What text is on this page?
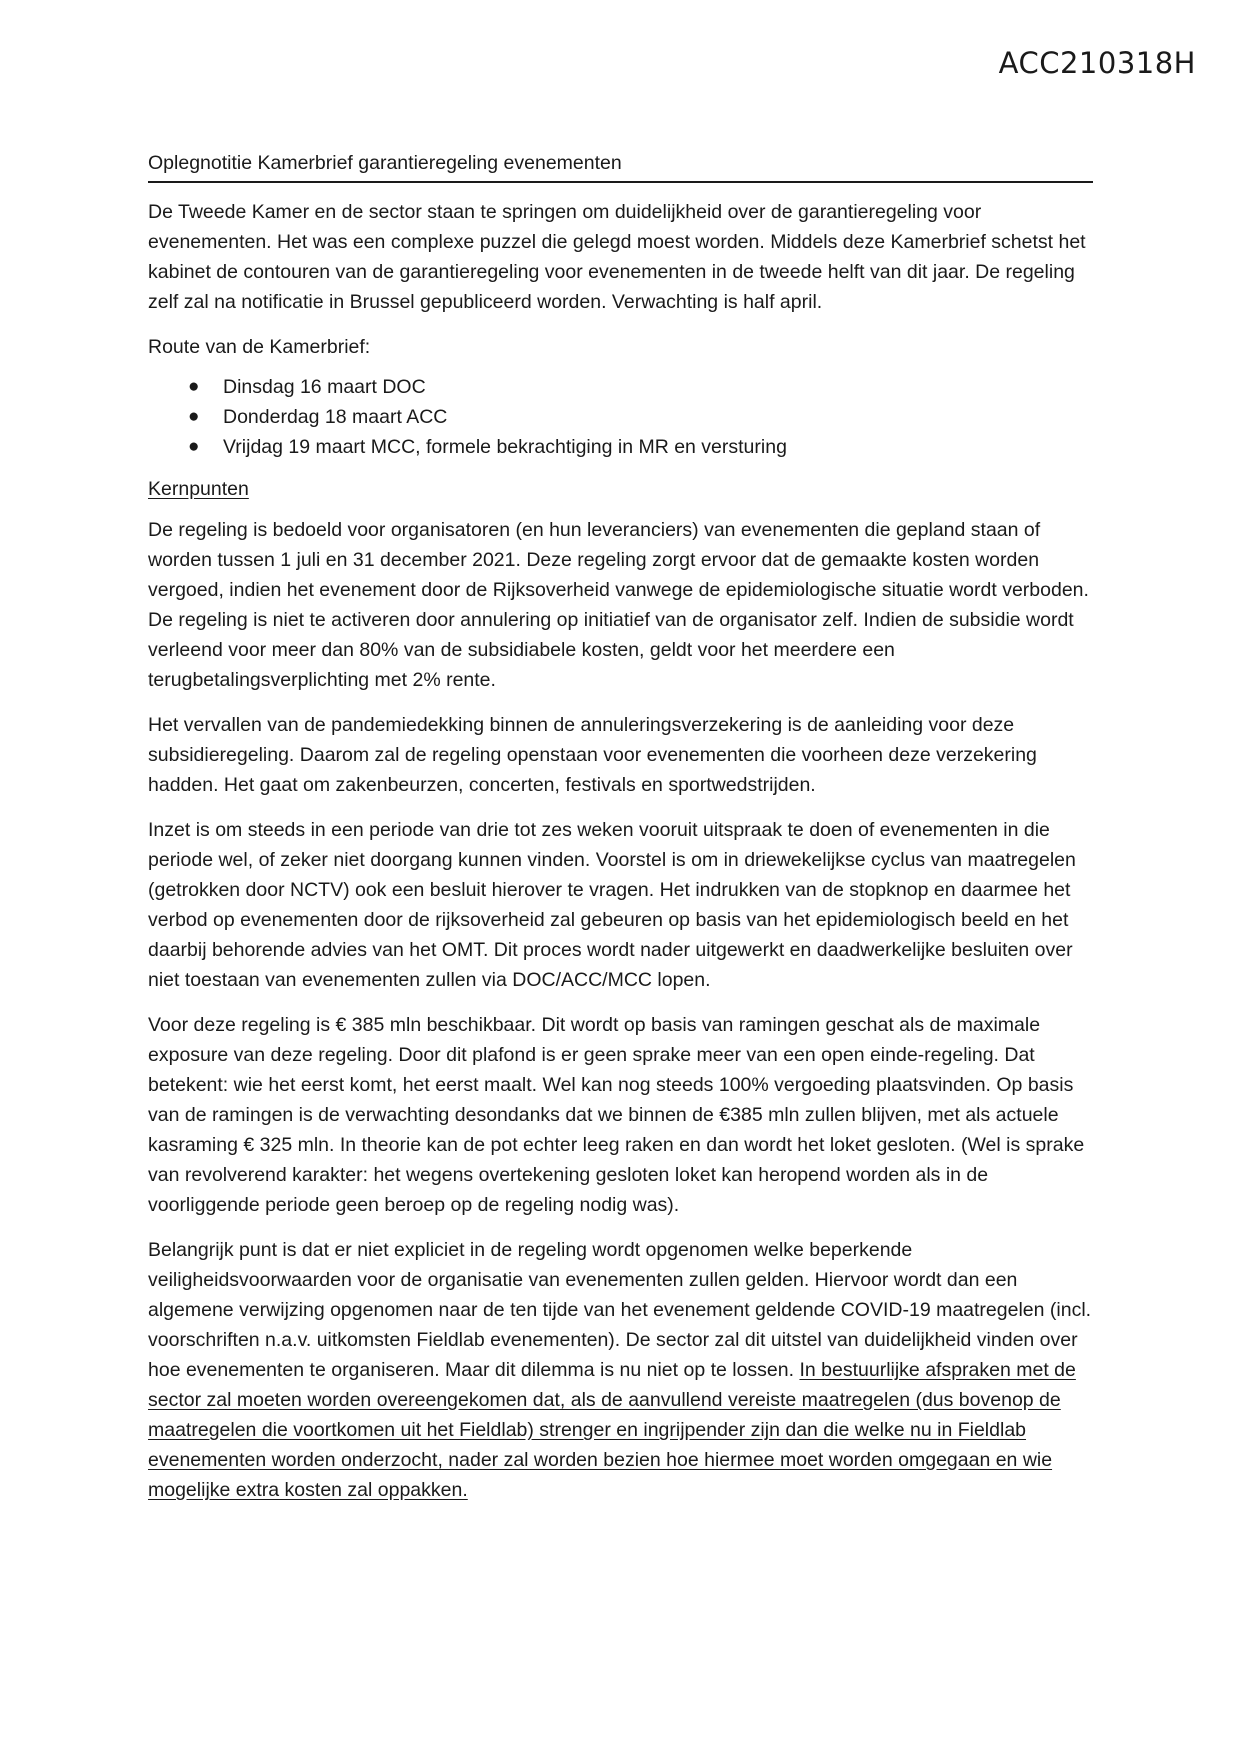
ACC210318H
Oplegnotitie Kamerbrief garantieregeling evenementen

De Tweede Kamer en de sector staan te springen om duidelijkheid over de garantieregeling voor evenementen. Het was een complexe puzzel die gelegd moest worden. Middels deze Kamerbrief schetst het kabinet de contouren van de garantieregeling voor evenementen in de tweede helft van dit jaar. De regeling zelf zal na notificatie in Brussel gepubliceerd worden. Verwachting is half april.

Route van de Kamerbrief:

● Dinsdag 16 maart DOC
● Donderdag 18 maart ACC
● Vrijdag 19 maart MCC, formele bekrachtiging in MR en versturing

Kernpunten

De regeling is bedoeld voor organisatoren (en hun leveranciers) van evenementen die gepland staan of worden tussen 1 juli en 31 december 2021. Deze regeling zorgt ervoor dat de gemaakte kosten worden vergoed, indien het evenement door de Rijksoverheid vanwege de epidemiologische situatie wordt verboden. De regeling is niet te activeren door annulering op initiatief van de organisator zelf. Indien de subsidie wordt verleend voor meer dan 80% van de subsidiabele kosten, geldt voor het meerdere een terugbetalingsverplichting met 2% rente.

Het vervallen van de pandemiedekking binnen de annuleringsverzekering is de aanleiding voor deze subsidieregeling. Daarom zal de regeling openstaan voor evenementen die voorheen deze verzekering hadden. Het gaat om zakenbeurzen, concerten, festivals en sportwedstrijden.

Inzet is om steeds in een periode van drie tot zes weken vooruit uitspraak te doen of evenementen in die periode wel, of zeker niet doorgang kunnen vinden. Voorstel is om in driewekelijkse cyclus van maatregelen (getrokken door NCTV) ook een besluit hierover te vragen. Het indrukken van de stopknop en daarmee het verbod op evenementen door de rijksoverheid zal gebeuren op basis van het epidemiologisch beeld en het daarbij behorende advies van het OMT. Dit proces wordt nader uitgewerkt en daadwerkelijke besluiten over niet toestaan van evenementen zullen via DOC/ACC/MCC lopen.

Voor deze regeling is € 385 mln beschikbaar. Dit wordt op basis van ramingen geschat als de maximale exposure van deze regeling. Door dit plafond is er geen sprake meer van een open einde-regeling. Dat betekent: wie het eerst komt, het eerst maalt. Wel kan nog steeds 100% vergoeding plaatsvinden. Op basis van de ramingen is de verwachting desondanks dat we binnen de €385 mln zullen blijven, met als actuele kasraming € 325 mln. In theorie kan de pot echter leeg raken en dan wordt het loket gesloten. (Wel is sprake van revolverend karakter: het wegens overtekening gesloten loket kan heropend worden als in de voorliggende periode geen beroep op de regeling nodig was).

Belangrijk punt is dat er niet expliciet in de regeling wordt opgenomen welke beperkende veiligheidsvoorwaarden voor de organisatie van evenementen zullen gelden. Hiervoor wordt dan een algemene verwijzing opgenomen naar de ten tijde van het evenement geldende COVID-19 maatregelen (incl. voorschriften n.a.v. uitkomsten Fieldlab evenementen). De sector zal dit uitstel van duidelijkheid vinden over hoe evenementen te organiseren. Maar dit dilemma is nu niet op te lossen. In bestuurlijke afspraken met de sector zal moeten worden overeengekomen dat, als de aanvullend vereiste maatregelen (dus bovenop de maatregelen die voortkomen uit het Fieldlab) strenger en ingrijpender zijn dan die welke nu in Fieldlab evenementen worden onderzocht, nader zal worden bezien hoe hiermee moet worden omgegaan en wie mogelijke extra kosten zal oppakken.
